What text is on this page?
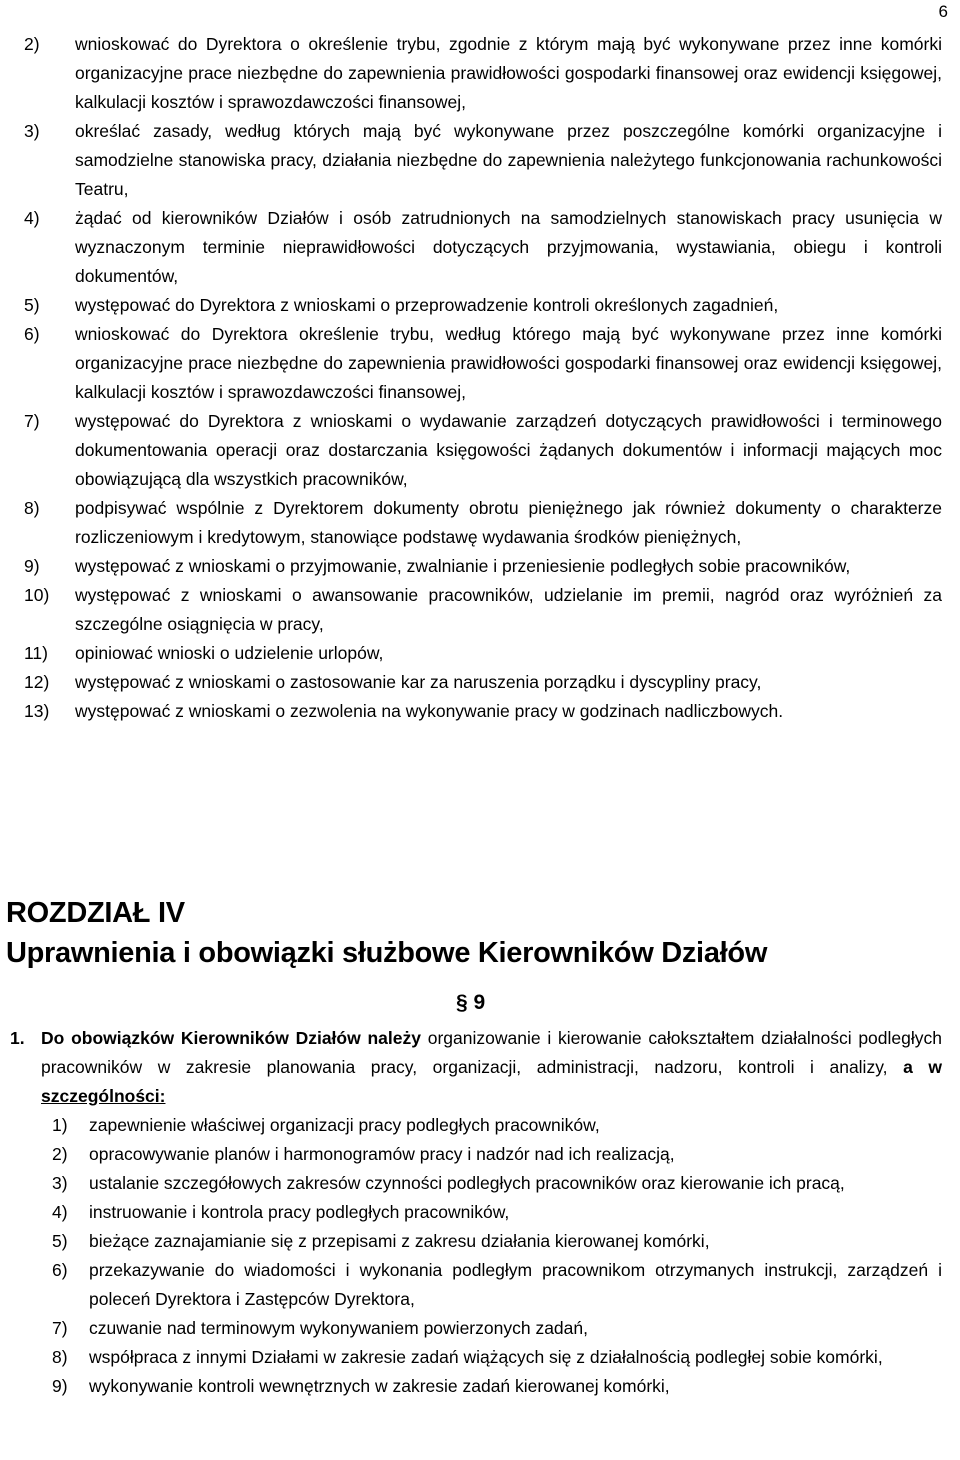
6
2)	wnioskować do Dyrektora o określenie trybu, zgodnie z którym mają być wykonywane przez inne komórki organizacyjne prace niezbędne do zapewnienia prawidłowości gospodarki finansowej oraz ewidencji księgowej, kalkulacji kosztów i sprawozdawczości finansowej,
3)	określać zasady, według których mają być wykonywane przez poszczególne komórki organizacyjne i samodzielne stanowiska pracy, działania niezbędne do zapewnienia należytego funkcjonowania rachunkowości Teatru,
4)	żądać od kierowników Działów i osób zatrudnionych na samodzielnych stanowiskach pracy usunięcia w wyznaczonym terminie nieprawidłowości dotyczących przyjmowania, wystawiania, obiegu i kontroli dokumentów,
5)	występować do Dyrektora z wnioskami o przeprowadzenie kontroli określonych zagadnień,
6)	wnioskować do Dyrektora określenie trybu, według którego mają być wykonywane przez inne komórki organizacyjne prace niezbędne do zapewnienia prawidłowości gospodarki finansowej oraz ewidencji księgowej, kalkulacji kosztów i sprawozdawczości finansowej,
7)	występować do Dyrektora z wnioskami o wydawanie zarządzeń dotyczących prawidłowości i terminowego dokumentowania operacji oraz dostarczania księgowości żądanych dokumentów i informacji mających moc obowiązującą dla wszystkich pracowników,
8)	podpisywać wspólnie z Dyrektorem dokumenty obrotu pieniężnego jak również dokumenty o charakterze rozliczeniowym i kredytowym, stanowiące podstawę wydawania środków pieniężnych,
9)	występować z wnioskami o przyjmowanie, zwalnianie i przeniesienie podległych sobie pracowników,
10)	występować z wnioskami o awansowanie pracowników, udzielanie im premii, nagród oraz wyróżnień za szczególne osiągnięcia w pracy,
11)	opiniować wnioski o udzielenie urlopów,
12)	występować z wnioskami o zastosowanie kar za naruszenia porządku i dyscypliny pracy,
13)	występować z wnioskami o zezwolenia na wykonywanie pracy w godzinach nadliczbowych.
ROZDZIAŁ IV
Uprawnienia i obowiązki służbowe Kierowników Działów
§ 9
1. Do obowiązków Kierowników Działów należy organizowanie i kierowanie całokształtem działalności podległych pracowników w zakresie planowania pracy, organizacji, administracji, nadzoru, kontroli i analizy, a w szczególności:
1)	zapewnienie właściwej organizacji pracy podległych pracowników,
2)	opracowywanie planów i harmonogramów pracy i nadzór nad ich realizacją,
3)	ustalanie szczegółowych zakresów czynności podległych pracowników oraz kierowanie ich pracą,
4)	instruowanie i kontrola pracy podległych pracowników,
5)	bieżące zaznajamianie się z przepisami z zakresu działania kierowanej komórki,
6)	przekazywanie do wiadomości i wykonania podległym pracownikom otrzymanych instrukcji, zarządzeń i poleceń Dyrektora i Zastępców Dyrektora,
7)	czuwanie nad terminowym wykonywaniem powierzonych zadań,
8)	współpraca z innymi Działami w zakresie zadań wiążących się z działalnością podległej sobie komórki,
9)	wykonywanie kontroli wewnętrznych w zakresie zadań kierowanej komórki,
